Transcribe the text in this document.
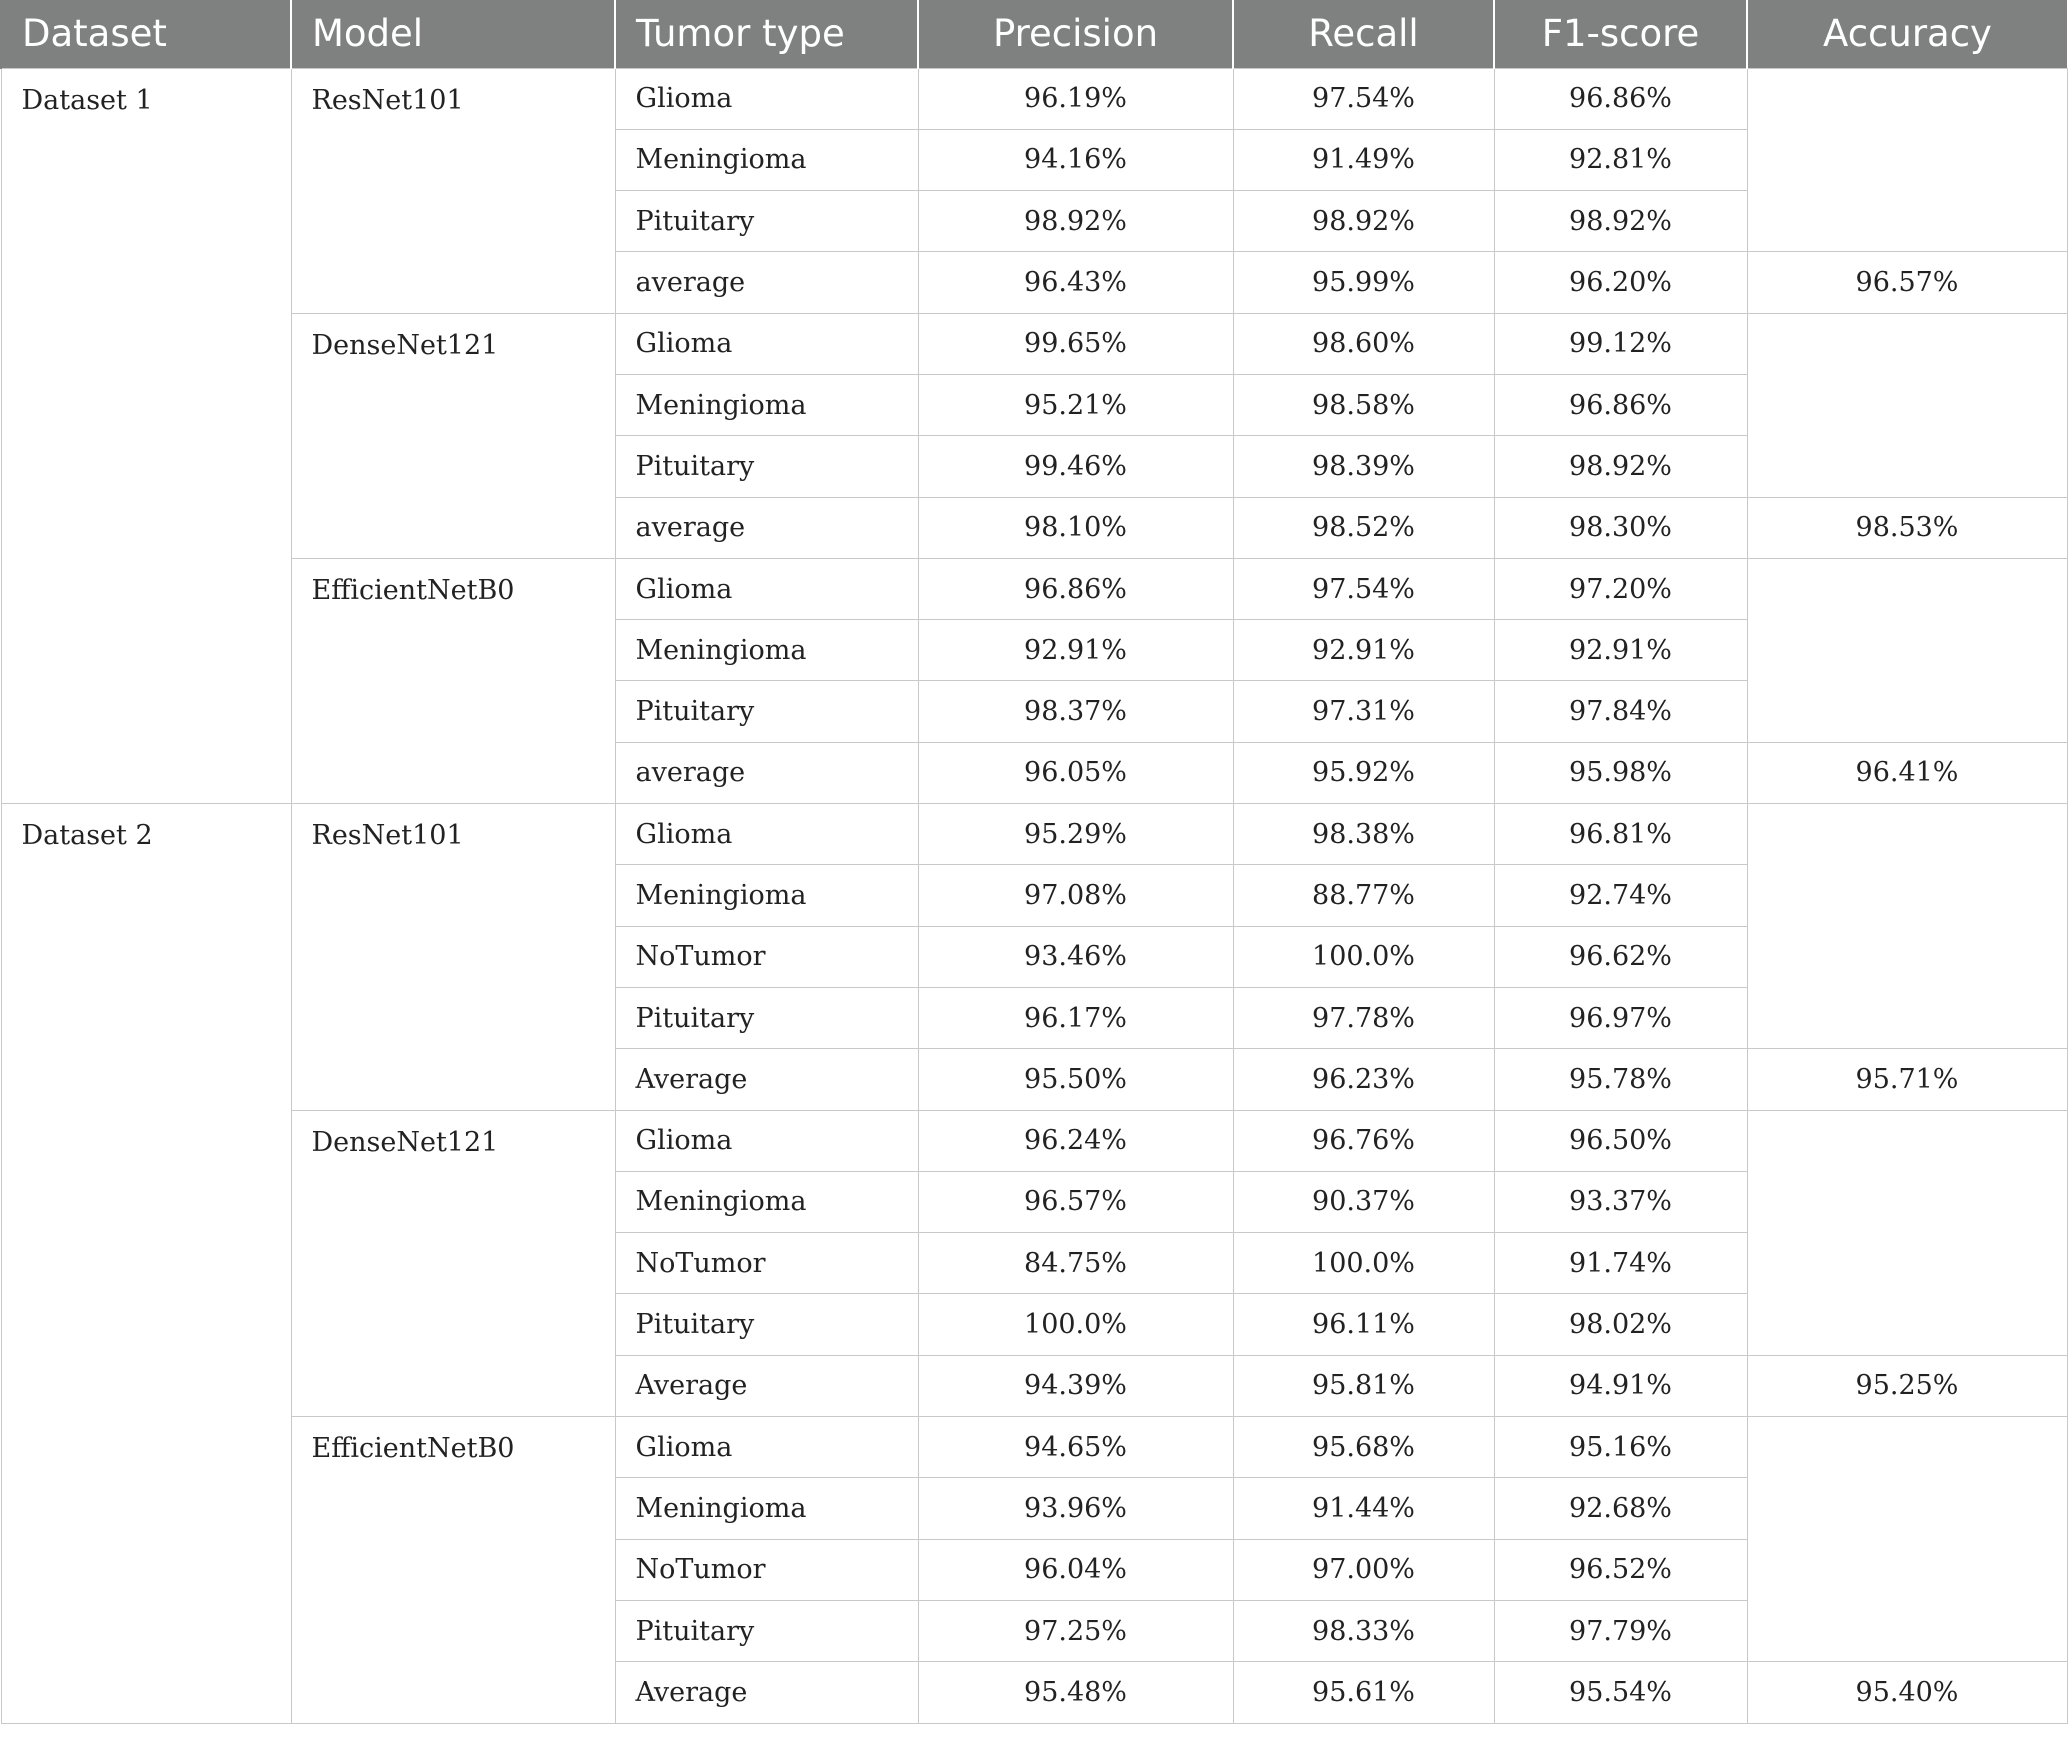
Dataset	Model	Tumor type	Precision	Recall	F1-score	Accuracy
Dataset 1	ResNet101	Glioma	96.19%	97.54%	96.86%	
		Meningioma	94.16%	91.49%	92.81%	
		Pituitary	98.92%	98.92%	98.92%	
		average	96.43%	95.99%	96.20%	96.57%
	DenseNet121	Glioma	99.65%	98.60%	99.12%	
		Meningioma	95.21%	98.58%	96.86%	
		Pituitary	99.46%	98.39%	98.92%	
		average	98.10%	98.52%	98.30%	98.53%
	EfficientNetB0	Glioma	96.86%	97.54%	97.20%	
		Meningioma	92.91%	92.91%	92.91%	
		Pituitary	98.37%	97.31%	97.84%	
		average	96.05%	95.92%	95.98%	96.41%
Dataset 2	ResNet101	Glioma	95.29%	98.38%	96.81%	
		Meningioma	97.08%	88.77%	92.74%	
		NoTumor	93.46%	100.0%	96.62%	
		Pituitary	96.17%	97.78%	96.97%	
		Average	95.50%	96.23%	95.78%	95.71%
	DenseNet121	Glioma	96.24%	96.76%	96.50%	
		Meningioma	96.57%	90.37%	93.37%	
		NoTumor	84.75%	100.0%	91.74%	
		Pituitary	100.0%	96.11%	98.02%	
		Average	94.39%	95.81%	94.91%	95.25%
	EfficientNetB0	Glioma	94.65%	95.68%	95.16%	
		Meningioma	93.96%	91.44%	92.68%	
		NoTumor	96.04%	97.00%	96.52%	
		Pituitary	97.25%	98.33%	97.79%	
		Average	95.48%	95.61%	95.54%	95.40%
